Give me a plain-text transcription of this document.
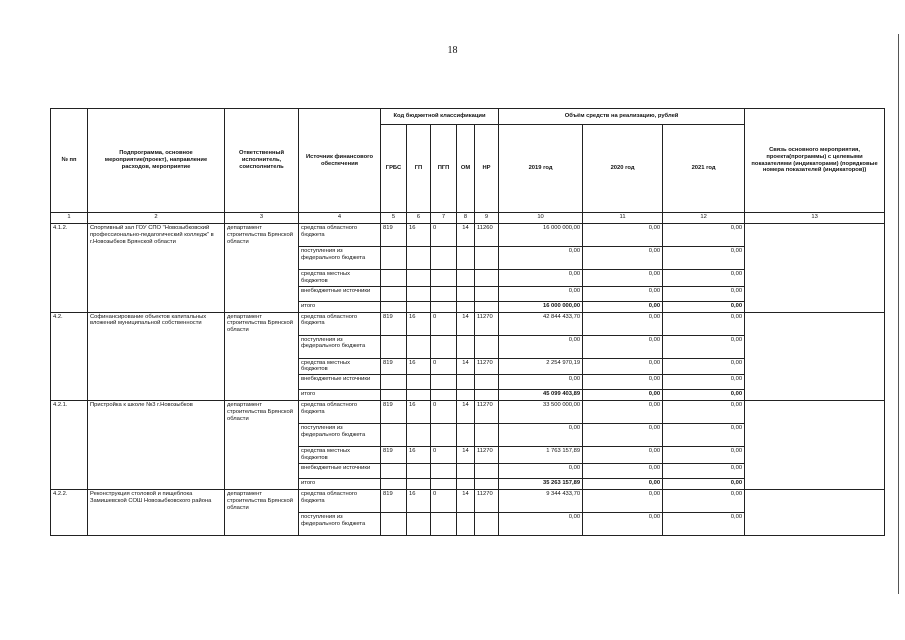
18
№ пп	Подпрограмма, основное мероприятие(проект), направление расходов, мероприятие	Ответственный исполнитель, соисполнитель	Источник финансового обеспечения	Код бюджетной классификации					Объём средств на реализацию, рублей			Связь основного мероприятия, проекта(программы) с целевыми показателями (индикаторами) (порядковые номера показателей (индикаторов))
				ГРБС	ГП	ПГП	ОМ	НР	2019 год	2020 год	2021 год	
1	2	3	4	5	6	7	8	9	10	11	12	13
4.1.2.	Спортивный зал ГОУ СПО "Новозыбковский профессионально-педагогический колледж" в г.Новозыбков Брянской области	департамент строительства Брянской области	средства областного бюджета	819	16	0	14	11260	16 000 000,00	0,00	0,00	
			поступления из федерального бюджета						0,00	0,00	0,00	
			средства местных бюджетов						0,00	0,00	0,00	
			внебюджетные источники						0,00	0,00	0,00	
			итого						16 000 000,00	0,00	0,00	
4.2.	Софинансирование объектов капитальных вложений муниципальной собственности	департамент строительства Брянской области	средства областного бюджета	819	16	0	14	11270	42 844 433,70	0,00	0,00	
			поступления из федерального бюджета						0,00	0,00	0,00	
			средства местных бюджетов	819	16	0	14	11270	2 254 970,19	0,00	0,00	
			внебюджетные источники						0,00	0,00	0,00	
			итого						45 099 403,89	0,00	0,00	
4.2.1.	Пристройка к школе №3 г.Новозыбков	департамент строительства Брянской области	средства областного бюджета	819	16	0	14	11270	33 500 000,00	0,00	0,00	
			поступления из федерального бюджета						0,00	0,00	0,00	
			средства местных бюджетов	819	16	0	14	11270	1 763 157,89	0,00	0,00	
			внебюджетные источники						0,00	0,00	0,00	
			итого						35 263 157,89	0,00	0,00	
4.2.2.	Реконструкция столовой и пищеблока Замишевской СОШ Новозыбковского района	департамент строительства Брянской области	средства областного бюджета	819	16	0	14	11270	9 344 433,70	0,00	0,00	
			поступления из федерального бюджета						0,00	0,00	0,00	
